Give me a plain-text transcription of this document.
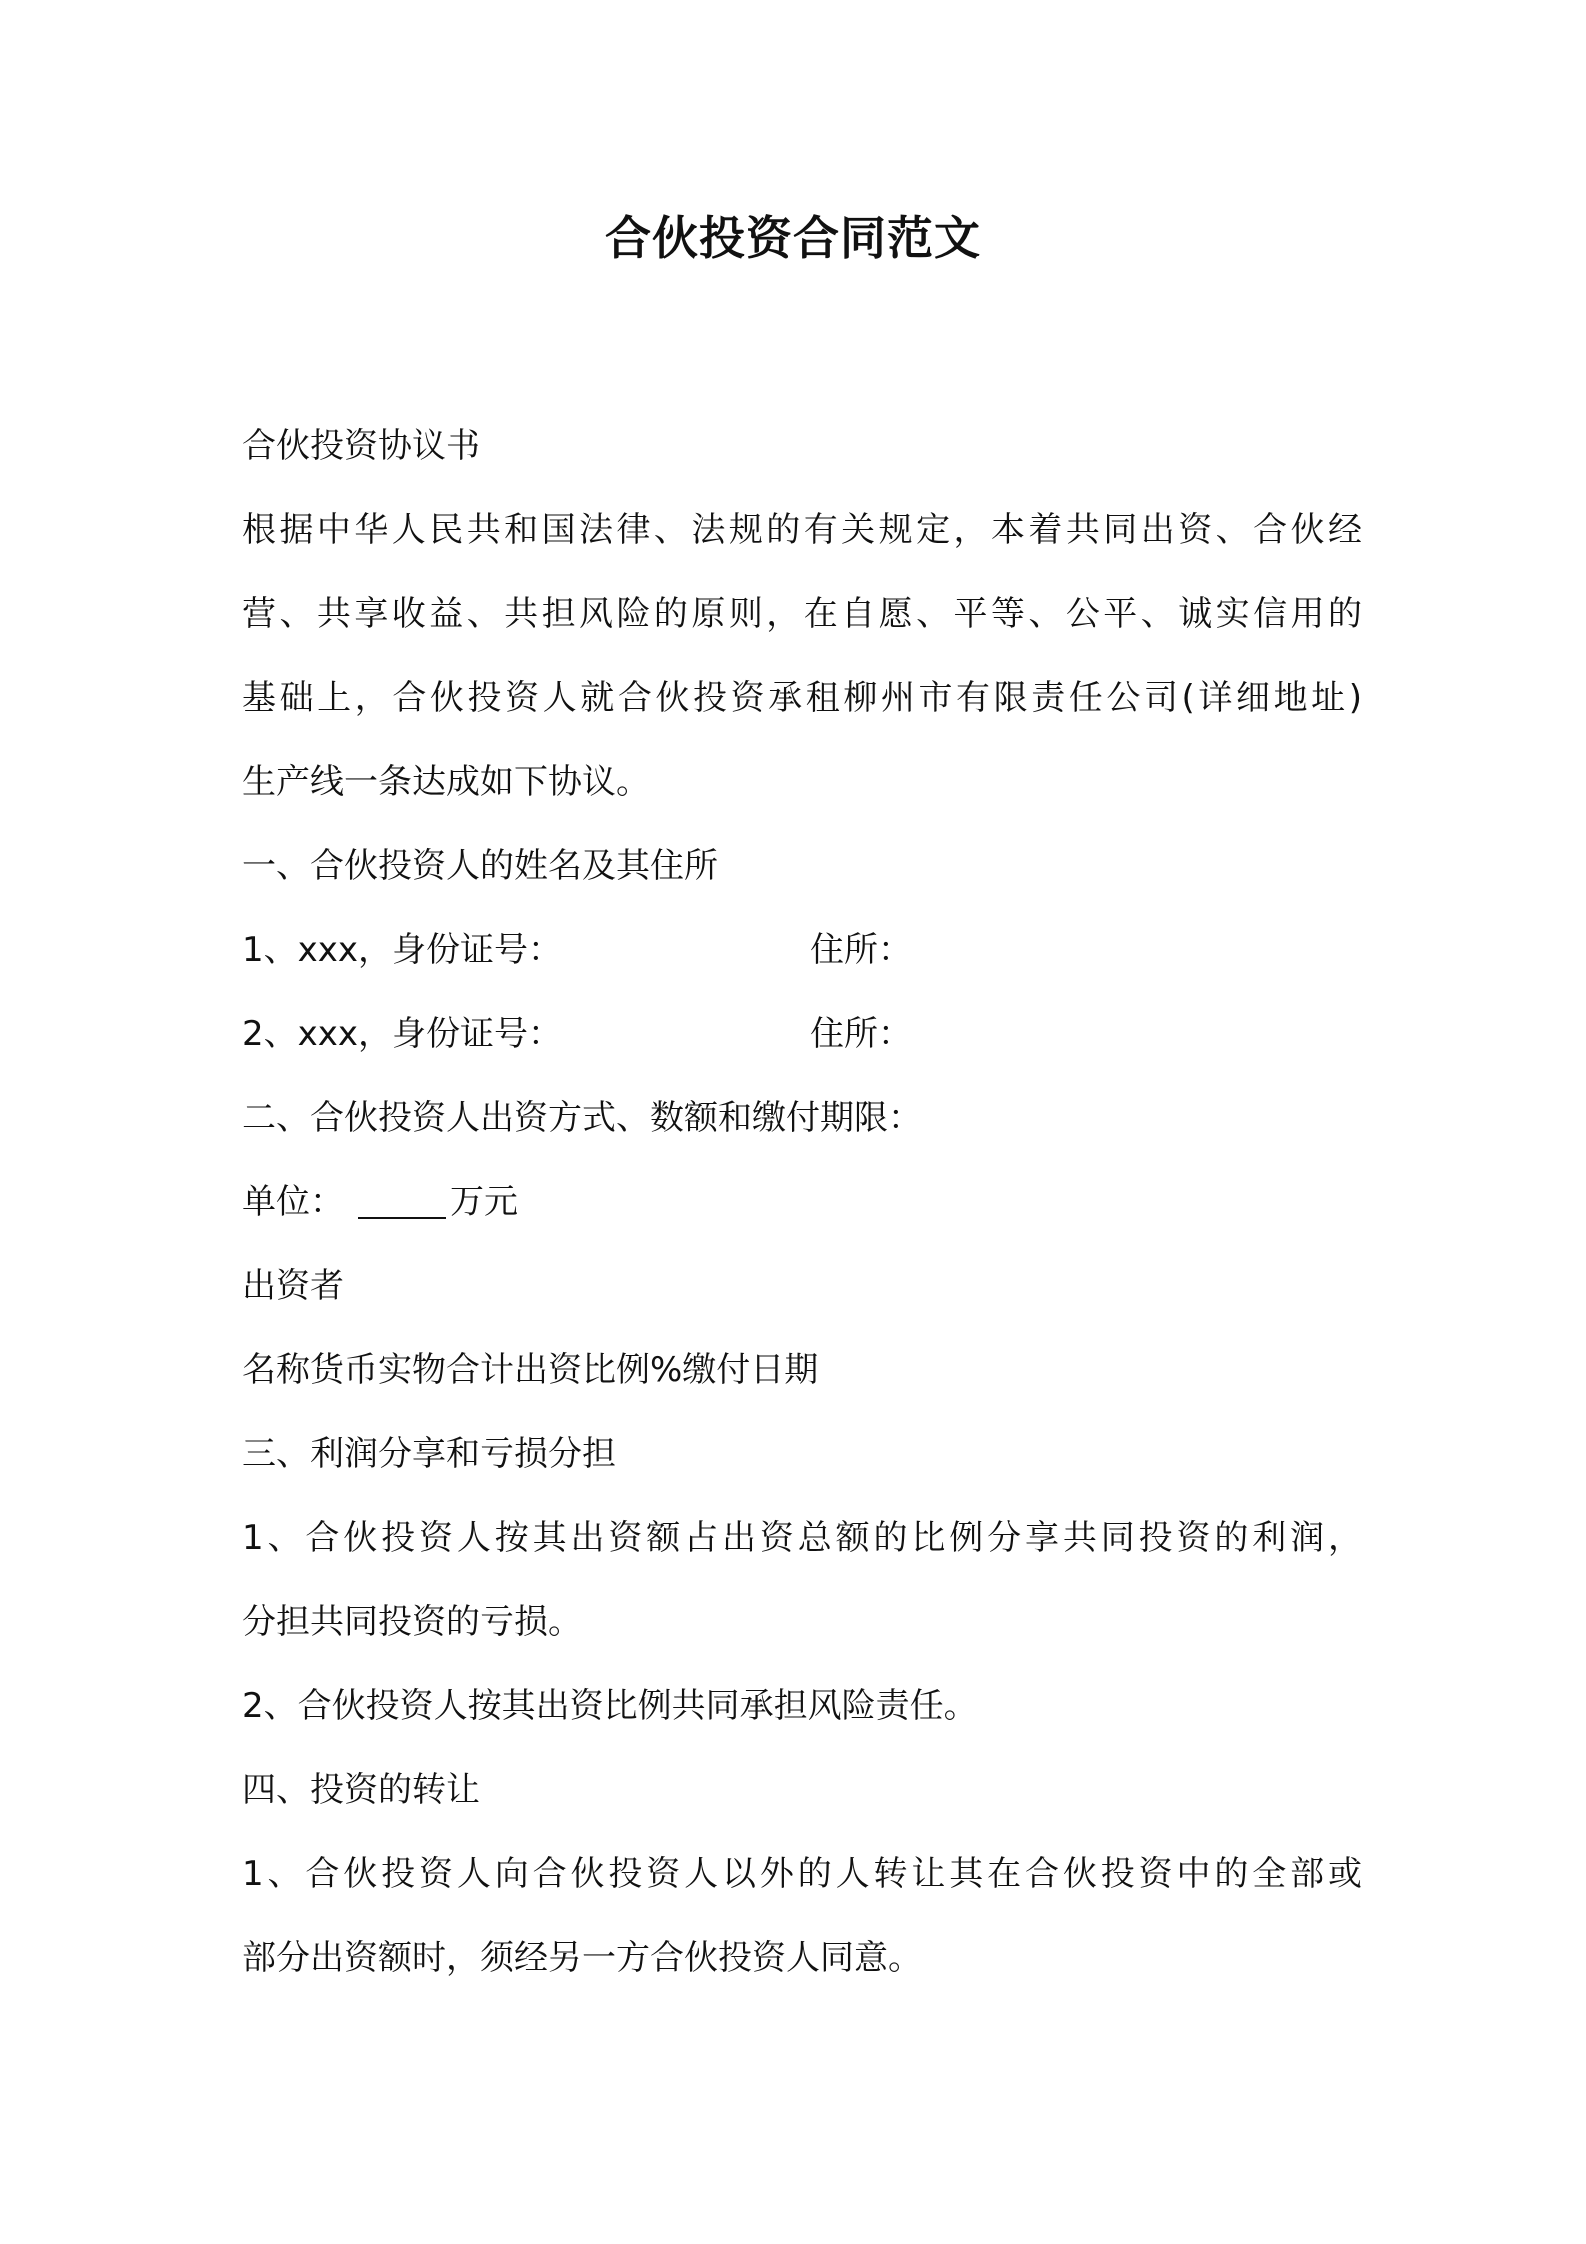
合伙投资合同范文
合伙投资协议书
根据中华人民共和国法律、法规的有关规定，本着共同出资、合伙经
营、共享收益、共担风险的原则，在自愿、平等、公平、诚实信用的
基础上，合伙投资人就合伙投资承租柳州市有限责任公司(详细地址)
生产线一条达成如下协议。
一、合伙投资人的姓名及其住所
1、xxx，身份证号：	住所：
2、xxx，身份证号：	住所：
二、合伙投资人出资方式、数额和缴付期限：
单位：	万元
出资者
名称货币实物合计出资比例%缴付日期
三、利润分享和亏损分担
1、合伙投资人按其出资额占出资总额的比例分享共同投资的利润，
分担共同投资的亏损。
2、合伙投资人按其出资比例共同承担风险责任。
四、投资的转让
1、合伙投资人向合伙投资人以外的人转让其在合伙投资中的全部或
部分出资额时，须经另一方合伙投资人同意。
